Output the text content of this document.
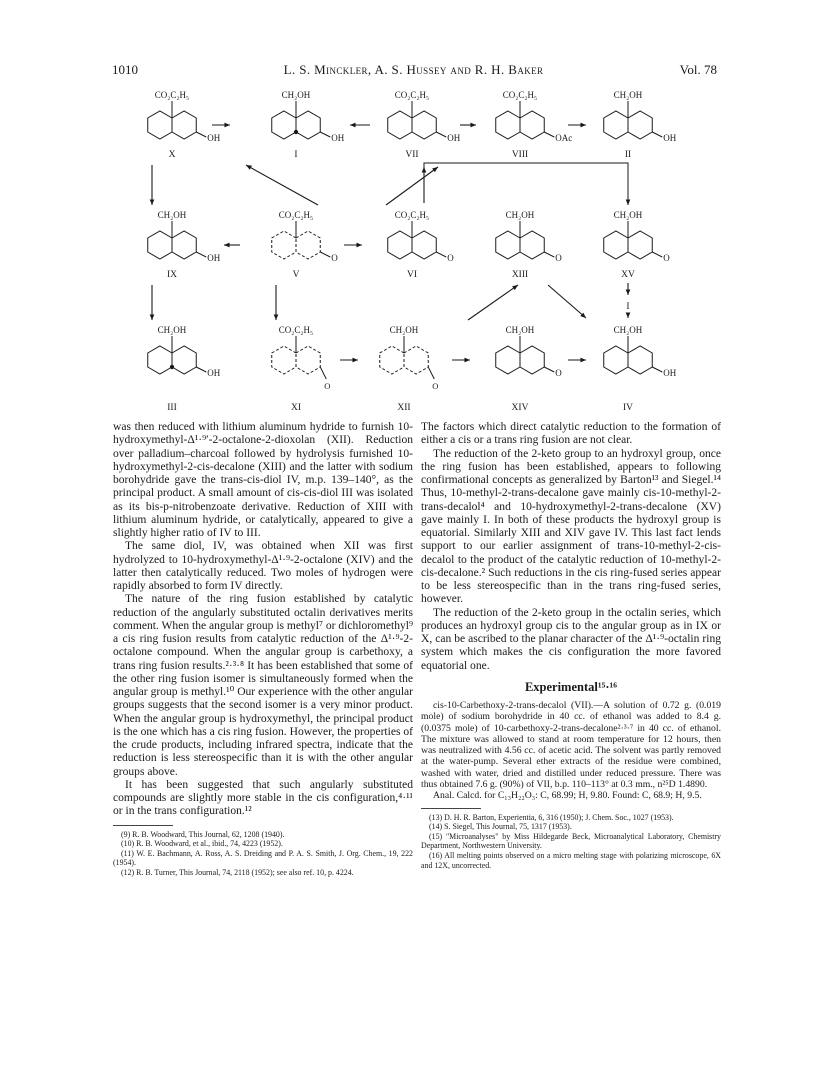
1010	L. S. Minckler, A. S. Hussey and R. H. Baker	Vol. 78
CO₂C₂H₅
OH
CH₂OH
OH
CO₂C₂H₅
OH
CO₂C₂H₅
OAc
CH₂OH
OH
X	I	VII	VIII	II
CH₂OH
OH
CO₂C₂H₅
O
CO₂C₂H₅
O
CH₂OH
O
CH₂OH
O
IX	V	VI	XIII	XV
I
CH₂OH
OH
CO₂C₂H₅
O
CH₂OH
O
CH₂OH
O
CH₂OH
OH
III	XI	XII	XIV	IV

was then reduced with lithium aluminum hydride to furnish 10-hydroxymethyl-Δ¹·⁹′-2-octalone-2-dioxolan (XII). Reduction over palladium–charcoal followed by hydrolysis furnished 10-hydroxymethyl-2-cis-decalone (XIII) and the latter with sodium borohydride gave the trans-cis-diol IV, m.p. 139–140°, as the principal product. A small amount of cis-cis-diol III was isolated as its bis-p-nitrobenzoate derivative. Reduction of XIII with lithium aluminum hydride, or catalytically, appeared to give a slightly higher ratio of IV to III.

The same diol, IV, was obtained when XII was first hydrolyzed to 10-hydroxymethyl-Δ¹·⁹-2-octalone (XIV) and the latter then catalytically reduced. Two moles of hydrogen were rapidly absorbed to form IV directly.

The nature of the ring fusion established by catalytic reduction of the angularly substituted octalin derivatives merits comment. When the angular group is methyl⁷ or dichloromethyl⁹ a cis ring fusion results from catalytic reduction of the Δ¹·⁹-2-octalone compound. When the angular group is carbethoxy, a trans ring fusion results.²·³·⁸ It has been established that some of the other ring fusion isomer is simultaneously formed when the angular group is methyl.¹⁰ Our experience with the other angular groups suggests that the second isomer is a very minor product. When the angular group is hydroxymethyl, the principal product is the one which has a cis ring fusion. However, the properties of the crude products, including infrared spectra, indicate that the reduction is less stereospecific than it is with the other angular groups above.

It has been suggested that such angularly substituted compounds are slightly more stable in the cis configuration,⁴·¹¹ or in the trans configuration.¹²

(9) R. B. Woodward, This Journal, 62, 1208 (1940).
(10) R. B. Woodward, et al., ibid., 74, 4223 (1952).
(11) W. E. Bachmann, A. Ross, A. S. Dreiding and P. A. S. Smith, J. Org. Chem., 19, 222 (1954).
(12) R. B. Turner, This Journal, 74, 2118 (1952); see also ref. 10, p. 4224.

The factors which direct catalytic reduction to the formation of either a cis or a trans ring fusion are not clear.

The reduction of the 2-keto group to an hydroxyl group, once the ring fusion has been established, appears to following confirmational concepts as generalized by Barton¹³ and Siegel.¹⁴ Thus, 10-methyl-2-trans-decalone gave mainly cis-10-methyl-2-trans-decalol⁴ and 10-hydroxymethyl-2-trans-decalone (XV) gave mainly I. In both of these products the hydroxyl group is equatorial. Similarly XIII and XIV gave IV. This last fact lends support to our earlier assignment of trans-10-methyl-2-cis-decalol to the product of the catalytic reduction of 10-methyl-2-cis-decalone.² Such reductions in the cis ring-fused series appear to be less stereospecific than in the trans ring-fused series, however.

The reduction of the 2-keto group in the octalin series, which produces an hydroxyl group cis to the angular group as in IX or X, can be ascribed to the planar character of the Δ¹·⁹-octalin ring system which makes the cis configuration the more favored equatorial one.

Experimental¹⁵·¹⁶

cis-10-Carbethoxy-2-trans-decalol (VII).—A solution of 0.72 g. (0.019 mole) of sodium borohydride in 40 cc. of ethanol was added to 8.4 g. (0.0375 mole) of 10-carbethoxy-2-trans-decalone²·³·⁷ in 40 cc. of ethanol. The mixture was allowed to stand at room temperature for 12 hours, then was neutralized with 4.56 cc. of acetic acid. The solvent was partly removed at the water-pump. Several ether extracts of the residue were combined, washed with water, dried and distilled under reduced pressure. There was thus obtained 7.6 g. (90%) of VII, b.p. 110–113° at 0.3 mm., n²⁵D 1.4890.

Anal. Calcd. for C₁₃H₂₂O₃: C, 68.99; H, 9.80. Found: C, 68.9; H, 9.5.

(13) D. H. R. Barton, Experientia, 6, 316 (1950); J. Chem. Soc., 1027 (1953).
(14) S. Siegel, This Journal, 75, 1317 (1953).
(15) "Microanalyses" by Miss Hildegarde Beck, Microanalytical Laboratory, Chemistry Department, Northwestern University.
(16) All melting points observed on a micro melting stage with polarizing microscope, 6X and 12X, uncorrected.
